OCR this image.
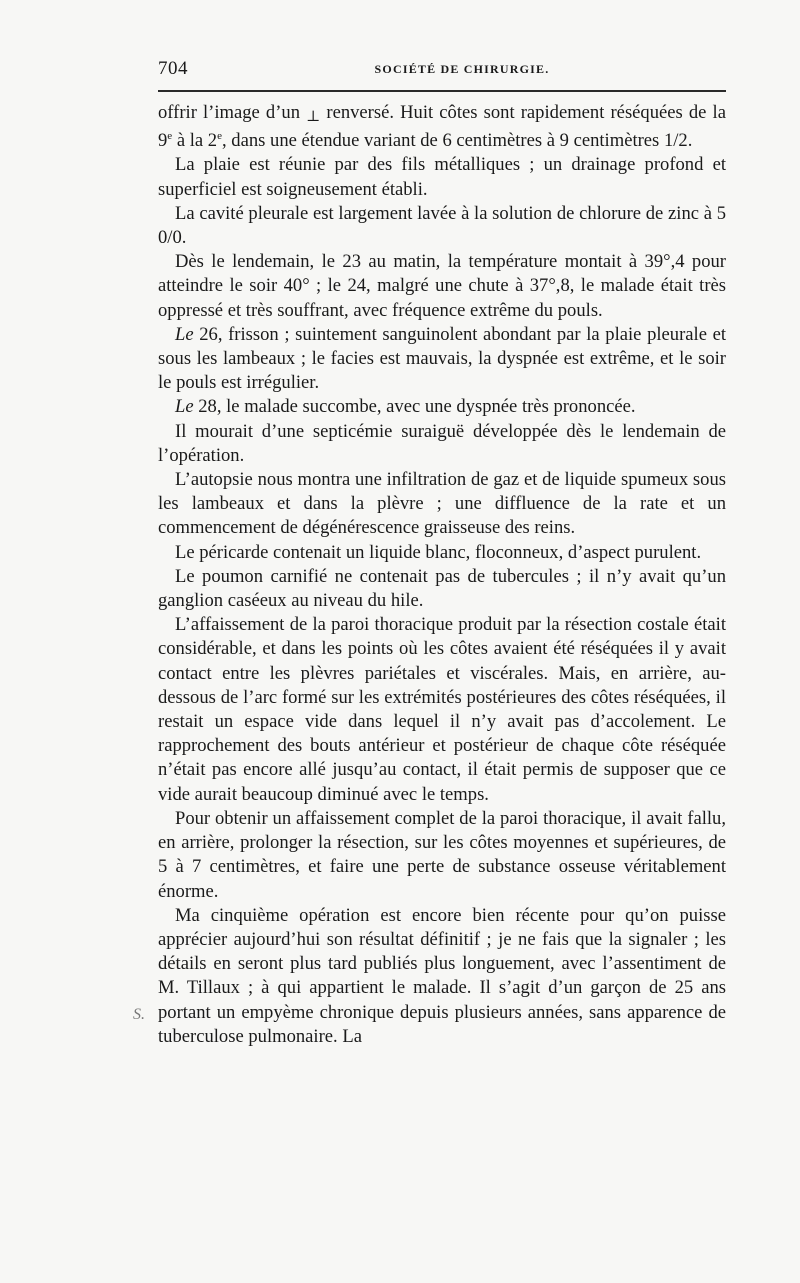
704	SOCIÉTÉ DE CHIRURGIE.
S.

offrir l’image d’un ⊥ renversé. Huit côtes sont rapidement réséquées de la 9e à la 2e, dans une étendue variant de 6 centimètres à 9 centimètres 1/2.

La plaie est réunie par des fils métalliques ; un drainage profond et superficiel est soigneusement établi.

La cavité pleurale est largement lavée à la solution de chlorure de zinc à 5 0/0.

Dès le lendemain, le 23 au matin, la température montait à 39°,4 pour atteindre le soir 40° ; le 24, malgré une chute à 37°,8, le malade était très oppressé et très souffrant, avec fréquence extrême du pouls.

Le 26, frisson ; suintement sanguinolent abondant par la plaie pleurale et sous les lambeaux ; le facies est mauvais, la dyspnée est extrême, et le soir le pouls est irrégulier.

Le 28, le malade succombe, avec une dyspnée très prononcée.

Il mourait d’une septicémie suraiguë développée dès le lendemain de l’opération.

L’autopsie nous montra une infiltration de gaz et de liquide spumeux sous les lambeaux et dans la plèvre ; une diffluence de la rate et un commencement de dégénérescence graisseuse des reins.

Le péricarde contenait un liquide blanc, floconneux, d’aspect purulent.

Le poumon carnifié ne contenait pas de tubercules ; il n’y avait qu’un ganglion caséeux au niveau du hile.

L’affaissement de la paroi thoracique produit par la résection costale était considérable, et dans les points où les côtes avaient été réséquées il y avait contact entre les plèvres pariétales et viscérales. Mais, en arrière, au-dessous de l’arc formé sur les extrémités postérieures des côtes réséquées, il restait un espace vide dans lequel il n’y avait pas d’accolement. Le rapprochement des bouts antérieur et postérieur de chaque côte réséquée n’était pas encore allé jusqu’au contact, il était permis de supposer que ce vide aurait beaucoup diminué avec le temps.

Pour obtenir un affaissement complet de la paroi thoracique, il avait fallu, en arrière, prolonger la résection, sur les côtes moyennes et supérieures, de 5 à 7 centimètres, et faire une perte de substance osseuse véritablement énorme.

Ma cinquième opération est encore bien récente pour qu’on puisse apprécier aujourd’hui son résultat définitif ; je ne fais que la signaler ; les détails en seront plus tard publiés plus longuement, avec l’assentiment de M. Tillaux ; à qui appartient le malade. Il s’agit d’un garçon de 25 ans portant un empyème chronique depuis plusieurs années, sans apparence de tuberculose pulmonaire. La
